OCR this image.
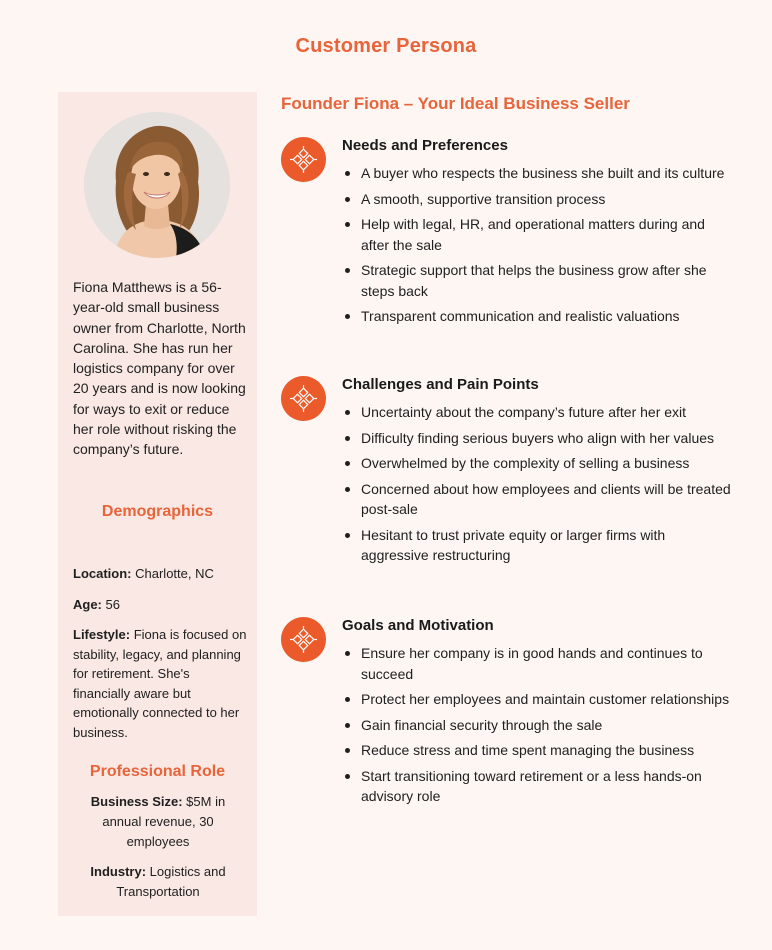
Customer Persona

Fiona Matthews is a 56-year-old small business owner from Charlotte, North Carolina. She has run her logistics company for over 20 years and is now looking for ways to exit or reduce her role without risking the company’s future.

Demographics
Location: Charlotte, NC
Age: 56
Lifestyle: Fiona is focused on stability, legacy, and planning for retirement. She's financially aware but emotionally connected to her business.
Professional Role
Business Size: $5M in annual revenue, 30 employees
Industry: Logistics and Transportation
Founder Fiona – Your Ideal Business Seller
Needs and Preferences
A buyer who respects the business she built and its culture
A smooth, supportive transition process
Help with legal, HR, and operational matters during and after the sale
Strategic support that helps the business grow after she steps back
Transparent communication and realistic valuations
Challenges and Pain Points
Uncertainty about the company’s future after her exit
Difficulty finding serious buyers who align with her values
Overwhelmed by the complexity of selling a business
Concerned about how employees and clients will be treated post-sale
Hesitant to trust private equity or larger firms with aggressive restructuring
Goals and Motivation
Ensure her company is in good hands and continues to succeed
Protect her employees and maintain customer relationships
Gain financial security through the sale
Reduce stress and time spent managing the business
Start transitioning toward retirement or a less hands-on advisory role
